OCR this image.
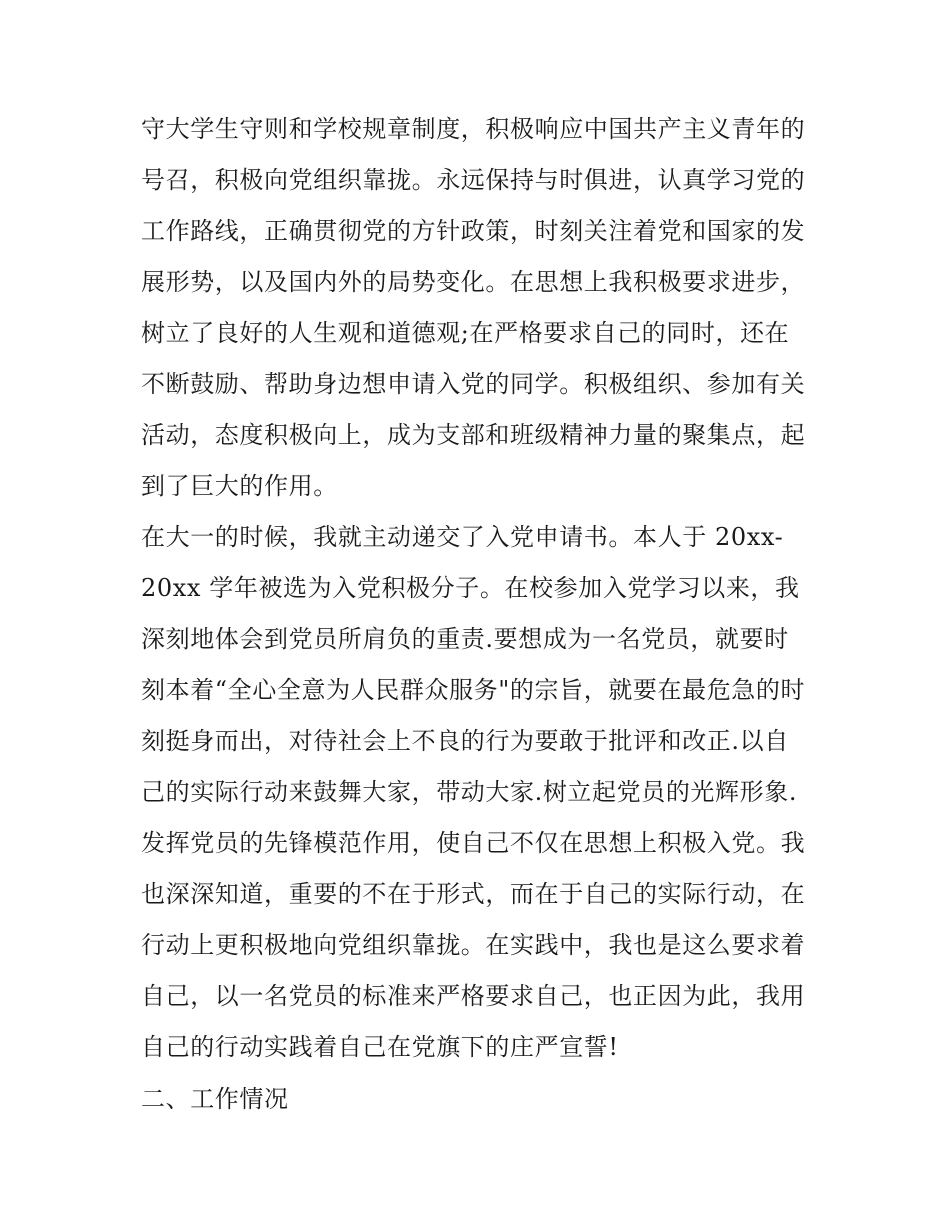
守大学生守则和学校规章制度，积极响应中国共产主义青年的
号召，积极向党组织靠拢。永远保持与时俱进，认真学习党的
工作路线，正确贯彻党的方针政策，时刻关注着党和国家的发
展形势，以及国内外的局势变化。在思想上我积极要求进步，
树立了良好的人生观和道德观;在严格要求自己的同时，还在
不断鼓励、帮助身边想申请入党的同学。积极组织、参加有关
活动，态度积极向上，成为支部和班级精神力量的聚集点，起
到了巨大的作用。
在大一的时候，我就主动递交了入党申请书。本人于 20xx-
20xx 学年被选为入党积极分子。在校参加入党学习以来，我
深刻地体会到党员所肩负的重责.要想成为一名党员，就要时
刻本着“全心全意为人民群众服务"的宗旨，就要在最危急的时
刻挺身而出，对待社会上不良的行为要敢于批评和改正.以自
己的实际行动来鼓舞大家，带动大家.树立起党员的光辉形象.
发挥党员的先锋模范作用，使自己不仅在思想上积极入党。我
也深深知道，重要的不在于形式，而在于自己的实际行动，在
行动上更积极地向党组织靠拢。在实践中，我也是这么要求着
自己，以一名党员的标准来严格要求自己，也正因为此，我用
自己的行动实践着自己在党旗下的庄严宣誓!
二、工作情况
